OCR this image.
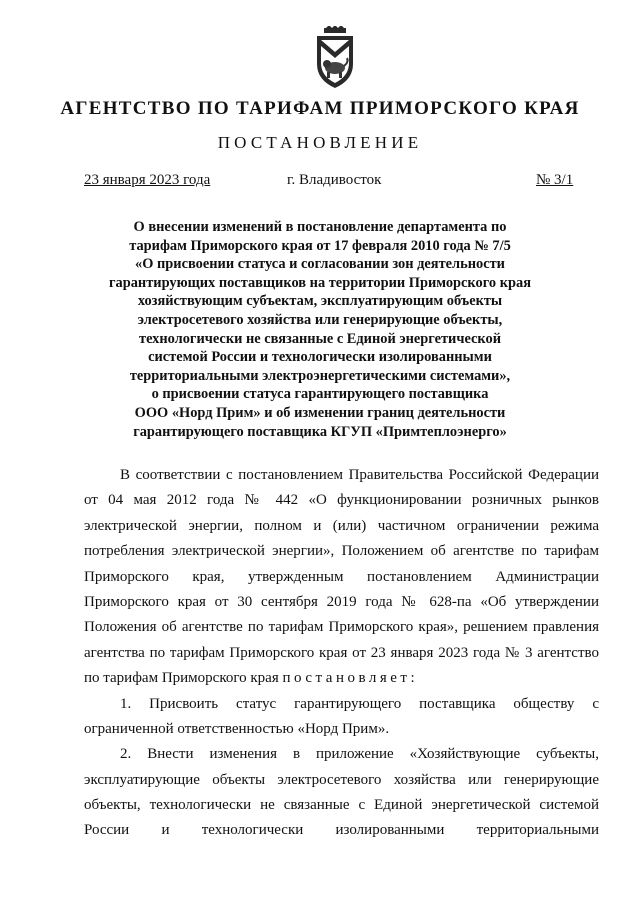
АГЕНТСТВО ПО ТАРИФАМ ПРИМОРСКОГО КРАЯ
ПОСТАНОВЛЕНИЕ
23 января 2023 года	г. Владивосток	№ 3/1
О внесении изменений в постановление департамента по
тарифам Приморского края от 17 февраля 2010 года № 7/5
«О присвоении статуса и согласовании зон деятельности
гарантирующих поставщиков на территории Приморского края
хозяйствующим субъектам, эксплуатирующим объекты
электросетевого хозяйства или генерирующие объекты,
технологически не связанные с Единой энергетической
системой России и технологически изолированными
территориальными электроэнергетическими системами»,
о присвоении статуса гарантирующего поставщика
ООО «Норд Прим» и об изменении границ деятельности
гарантирующего поставщика КГУП «Примтеплоэнерго»
В соответствии с постановлением Правительства Российской Федерации
от 04 мая 2012 года № 442 «О функционировании розничных рынков
электрической энергии, полном и (или) частичном ограничении режима
потребления электрической энергии», Положением об агентстве по тарифам
Приморского края, утвержденным постановлением Администрации
Приморского края от 30 сентября 2019 года № 628-па «Об утверждении
Положения об агентстве по тарифам Приморского края», решением правления
агентства по тарифам Приморского края от 23 января 2023 года № 3 агентство
по тарифам Приморского края постановляет:
1. Присвоить статус гарантирующего поставщика обществу с
ограниченной ответственностью «Норд Прим».
2. Внести изменения в приложение «Хозяйствующие субъекты,
эксплуатирующие объекты электросетевого хозяйства или генерирующие
объекты, технологически не связанные с Единой энергетической системой
России и технологически изолированными территориальными
